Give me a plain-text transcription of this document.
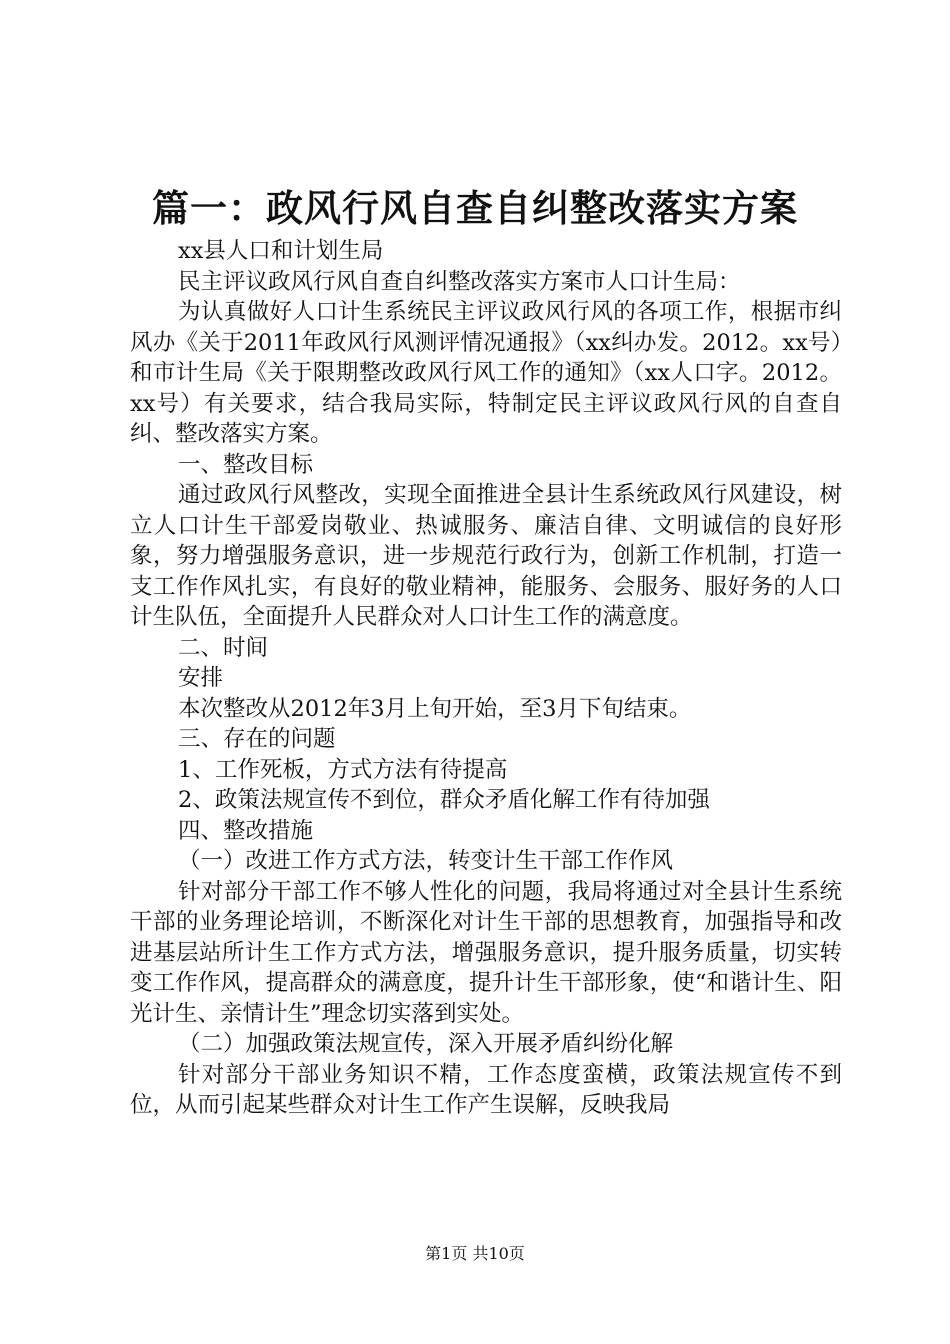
篇一：政风行风自查自纠整改落实方案

xx县人口和计划生局

民主评议政风行风自查自纠整改落实方案市人口计生局：

为认真做好人口计生系统民主评议政风行风的各项工作，根据市纠风办《关于2011年政风行风测评情况通报》（xx纠办发。2012。xx号）和市计生局《关于限期整改政风行风工作的通知》（xx人口字。2012。xx号）有关要求，结合我局实际，特制定民主评议政风行风的自查自纠、整改落实方案。

一、整改目标

通过政风行风整改，实现全面推进全县计生系统政风行风建设，树立人口计生干部爱岗敬业、热诚服务、廉洁自律、文明诚信的良好形象，努力增强服务意识，进一步规范行政行为，创新工作机制，打造一支工作作风扎实，有良好的敬业精神，能服务、会服务、服好务的人口计生队伍，全面提升人民群众对人口计生工作的满意度。

二、时间

安排

本次整改从2012年3月上旬开始，至3月下旬结束。

三、存在的问题

1、工作死板，方式方法有待提高

2、政策法规宣传不到位，群众矛盾化解工作有待加强

四、整改措施

（一）改进工作方式方法，转变计生干部工作作风

针对部分干部工作不够人性化的问题，我局将通过对全县计生系统干部的业务理论培训，不断深化对计生干部的思想教育，加强指导和改进基层站所计生工作方式方法，增强服务意识，提升服务质量，切实转变工作作风，提高群众的满意度，提升计生干部形象，使“和谐计生、阳光计生、亲情计生”理念切实落到实处。

（二）加强政策法规宣传，深入开展矛盾纠纷化解

针对部分干部业务知识不精，工作态度蛮横，政策法规宣传不到位，从而引起某些群众对计生工作产生误解，反映我局

第1页 共10页
